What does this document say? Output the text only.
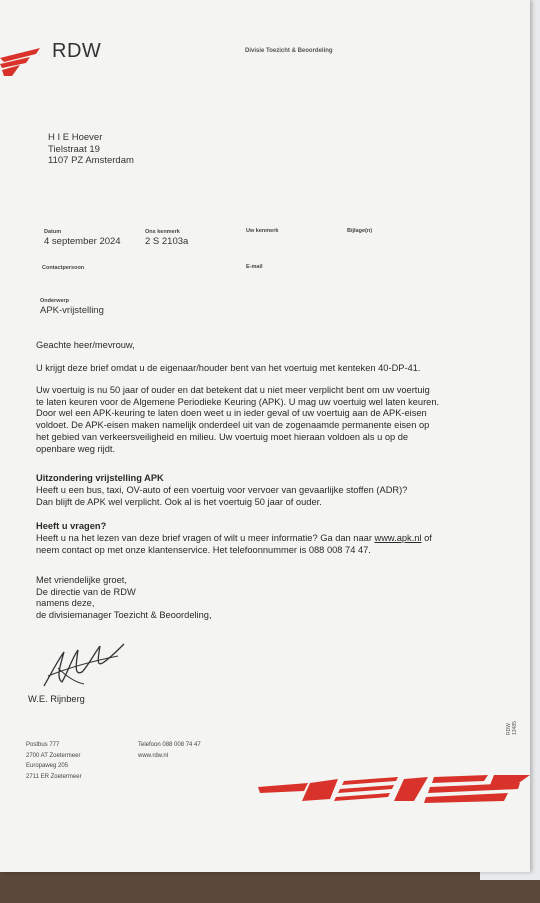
RDW	Divisie Toezicht & Beoordeling
H I E Hoever
Tielstraat 19
1107 PZ Amsterdam
Datum
4 september 2024
Ons kenmerk
2 S 2103a
Uw kenmerk	Bijlage(n)
Contactpersoon	E-mail
Onderwerp
APK-vrijstelling
Geachte heer/mevrouw,
U krijgt deze brief omdat u de eigenaar/houder bent van het voertuig met kenteken 40-DP-41.
Uw voertuig is nu 50 jaar of ouder en dat betekent dat u niet meer verplicht bent om uw voertuig
te laten keuren voor de Algemene Periodieke Keuring (APK). U mag uw voertuig wel laten keuren.
Door wel een APK-keuring te laten doen weet u in ieder geval of uw voertuig aan de APK-eisen
voldoet. De APK-eisen maken namelijk onderdeel uit van de zogenaamde permanente eisen op
het gebied van verkeersveiligheid en milieu. Uw voertuig moet hieraan voldoen als u op de
openbare weg rijdt.
Uitzondering vrijstelling APK
Heeft u een bus, taxi, OV-auto of een voertuig voor vervoer van gevaarlijke stoffen (ADR)?
Dan blijft de APK wel verplicht. Ook al is het voertuig 50 jaar of ouder.
Heeft u vragen?
Heeft u na het lezen van deze brief vragen of wilt u meer informatie? Ga dan naar www.apk.nl of
neem contact op met onze klantenservice. Het telefoonnummer is 088 008 74 47.
Met vriendelijke groet,
De directie van de RDW
namens deze,
de divisiemanager Toezicht & Beoordeling,
W.E. Rijnberg
Postbus 777
2700 AT Zoetermeer
Europaweg 205
2711 ER Zoetermeer
Telefoon 088 008 74 47
www.rdw.nl
RDW 13485
